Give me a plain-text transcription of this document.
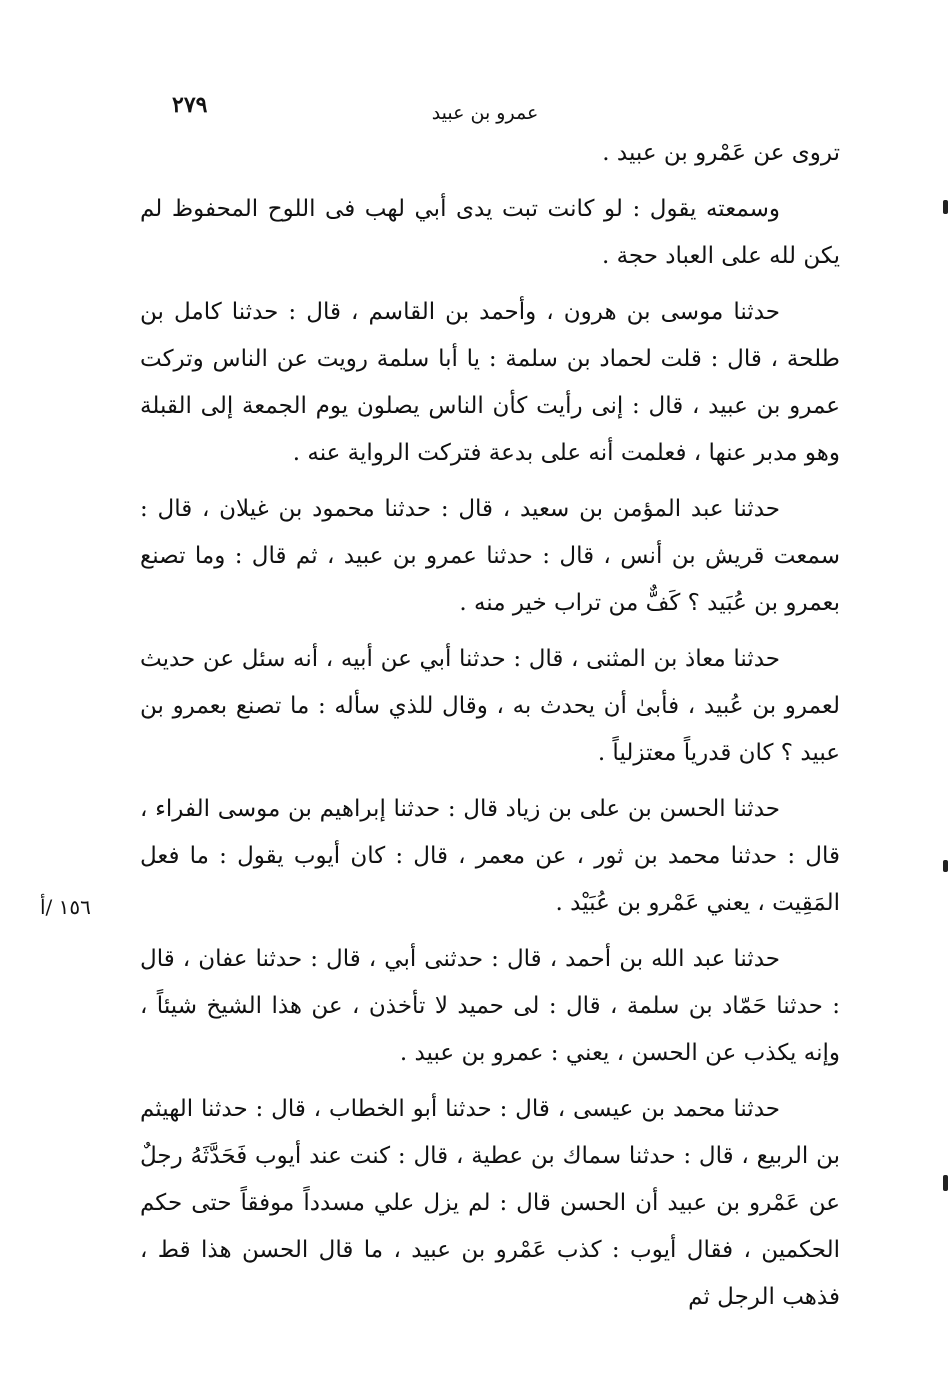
٢٧٩	عمرو بن عبيد

تروى عن عَمْرو بن عبيد .

وسمعته يقول : لو كانت تبت يدى أبي لهب فى اللوح المحفوظ لم يكن لله على العباد حجة .

حدثنا موسى بن هرون ، وأحمد بن القاسم ، قال : حدثنا كامل بن طلحة ، قال : قلت لحماد بن سلمة : يا أبا سلمة رويت عن الناس وتركت عمرو بن عبيد ، قال : إنى رأيت كأن الناس يصلون يوم الجمعة إلى القبلة وهو مدبر عنها ، فعلمت أنه على بدعة فتركت الرواية عنه .

حدثنا عبد المؤمن بن سعيد ، قال : حدثنا محمود بن غيلان ، قال : سمعت قريش بن أنس ، قال : حدثنا عمرو بن عبيد ، ثم قال : وما تصنع بعمرو بن عُبَيد ؟ كَفٌّ من تراب خير منه .

حدثنا معاذ بن المثنى ، قال : حدثنا أبي عن أبيه ، أنه سئل عن حديث لعمرو بن عُبيد ، فأبىٰ أن يحدث به ، وقال للذي سأله : ما تصنع بعمرو بن عبيد ؟ كان قدرياً معتزلياً .

حدثنا الحسن بن على بن زياد قال : حدثنا إبراهيم بن موسى الفراء ، قال : حدثنا محمد بن ثور ، عن معمر ، قال : كان أيوب يقول : ما فعل المَقِيت ، يعني عَمْرو بن عُبَيْد .

حدثنا عبد الله بن أحمد ، قال : حدثنى أبي ، قال : حدثنا عفان ، قال : حدثنا حَمّاد بن سلمة ، قال : لى حميد لا تأخذن ، عن هذا الشيخ شيئاً ، وإنه يكذب عن الحسن ، يعني : عمرو بن عبيد .

حدثنا محمد بن عيسى ، قال : حدثنا أبو الخطاب ، قال : حدثنا الهيثم بن الربيع ، قال : حدثنا سماك بن عطية ، قال : كنت عند أيوب فَحَدَّثَهُ رجلٌ عن عَمْرو بن عبيد أن الحسن قال : لم يزل علي مسدداً موفقاً حتى حكم الحكمين ، فقال أيوب : كذب عَمْرو بن عبيد ، ما قال الحسن هذا قط ، فذهب الرجل ثم

١٥٦ /أ
